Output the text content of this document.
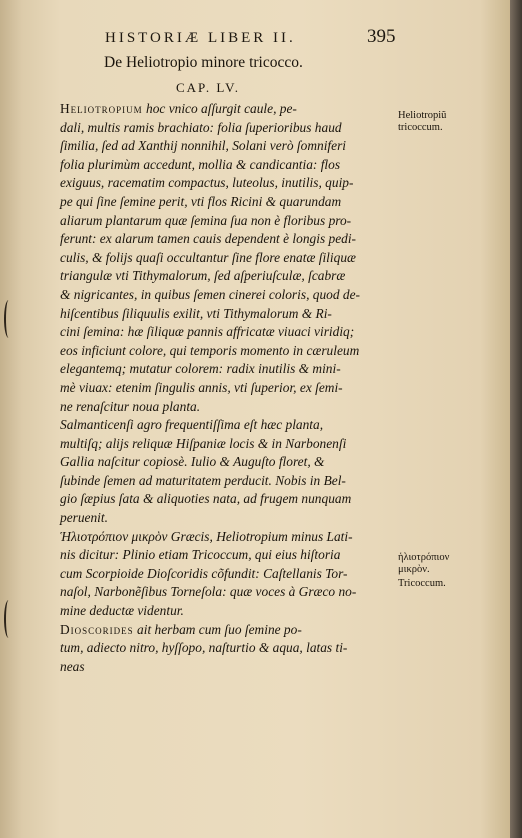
HISTORIÆ LIBER II.	395
De Heliotropio minore tricocco.
CAP. LV.
Heliotropium hoc vnico aſſurgit caule, pe-
dali, multis ramis brachiato: folia ſuperioribus haud
ſimilia, ſed ad Xanthij nonnihil, Solani verò ſomniferi
folia plurimùm accedunt, mollia & candicantia: flos
exiguus, racematim compactus, luteolus, inutilis, quip-
pe qui ſine ſemine perit, vti flos Ricini & quarundam
aliarum plantarum quæ ſemina ſua non è floribus pro-
ferunt: ex alarum tamen cauis dependent è longis pedi-
culis, & folijs quaſi occultantur ſine flore enatæ ſiliquæ
triangulæ vti Tithymalorum, ſed aſperiuſculæ, ſcabræ
& nigricantes, in quibus ſemen cinerei coloris, quod de-
hiſcentibus ſiliquulis exilit, vti Tithymalorum & Ri-
cini ſemina: hæ ſiliquæ pannis affricatæ viuaci viridiq;
eos inficiunt colore, qui temporis momento in cæruleum
elegantemq; mutatur colorem: radix inutilis & mini-
mè viuax: etenim ſingulis annis, vti ſuperior, ex ſemi-
ne renaſcitur noua planta.
Salmanticenſi agro frequentiſſima eſt hæc planta,
multiſq; alijs reliquæ Hiſpaniæ locis & in Narbonenſi
Gallia naſcitur copiosè. Iulio & Auguſto floret, &
ſubinde ſemen ad maturitatem perducit. Nobis in Bel-
gio ſæpius ſata & aliquoties nata, ad frugem nunquam
peruenit.
Ἡλιοτρόπιον μικρὸν Græcis, Heliotropium minus Lati-
nis dicitur: Plinio etiam Tricoccum, qui eius hiſtoria
cum Scorpioide Dioſcoridis cõfundit: Caſtellanis Tor-
naſol, Narbonẽſibus Torneſola: quæ voces à Græco no-
mine deductæ videntur.
Dioscorides ait herbam cum ſuo ſemine po-
tum, adiecto nitro, hyſſopo, naſturtio & aqua, latas ti-
neas
Heliotropiũ tricoccum.
ἡλιοτρόπιον μικρὸν.
Tricoccum.
